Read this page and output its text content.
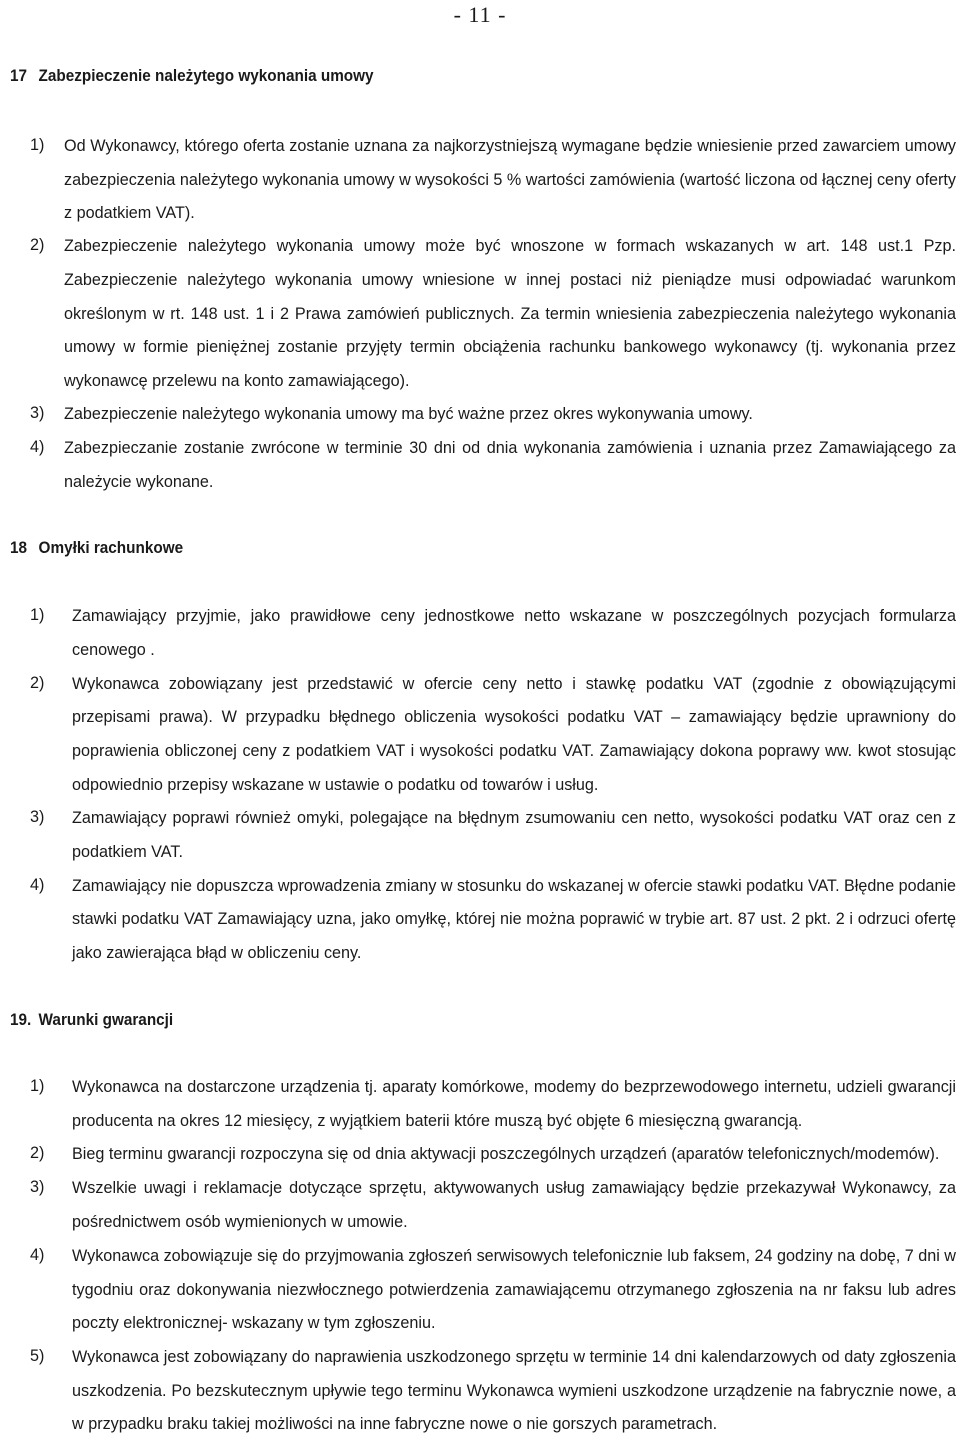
- 11 -
17 Zabezpieczenie należytego wykonania umowy
1) Od Wykonawcy, którego oferta zostanie uznana za najkorzystniejszą wymagane będzie wniesienie przed zawarciem umowy
zabezpieczenia należytego wykonania umowy w wysokości 5 % wartości zamówienia (wartość liczona od łącznej ceny oferty
z podatkiem VAT).
2) Zabezpieczenie należytego wykonania umowy może być wnoszone w formach wskazanych w art. 148 ust.1 Pzp.
Zabezpieczenie należytego wykonania umowy wniesione w innej postaci niż pieniądze musi odpowiadać warunkom
określonym w rt. 148 ust. 1 i 2 Prawa zamówień publicznych. Za termin wniesienia zabezpieczenia należytego wykonania
umowy w formie pieniężnej zostanie przyjęty termin obciążenia rachunku bankowego wykonawcy (tj. wykonania przez
wykonawcę przelewu na konto zamawiającego).
3) Zabezpieczenie należytego wykonania umowy ma być ważne przez okres wykonywania umowy.
4) Zabezpieczanie zostanie zwrócone w terminie 30 dni od dnia wykonania zamówienia i uznania przez Zamawiającego za
należycie wykonane.
18 Omyłki rachunkowe
1) Zamawiający przyjmie, jako prawidłowe ceny jednostkowe netto wskazane w poszczególnych pozycjach formularza
cenowego .
2) Wykonawca zobowiązany jest przedstawić w ofercie ceny netto i stawkę podatku VAT (zgodnie z obowiązującymi
przepisami prawa). W przypadku błędnego obliczenia wysokości podatku VAT – zamawiający będzie uprawniony do
poprawienia obliczonej ceny z podatkiem VAT i wysokości podatku VAT. Zamawiający dokona poprawy ww. kwot stosując
odpowiednio przepisy wskazane w ustawie o podatku od towarów i usług.
3) Zamawiający poprawi również omyki, polegające na błędnym zsumowaniu cen netto, wysokości podatku VAT oraz cen z
podatkiem VAT.
4) Zamawiający nie dopuszcza wprowadzenia zmiany w stosunku do wskazanej w ofercie stawki podatku VAT. Błędne podanie
stawki podatku VAT Zamawiający uzna, jako omyłkę, której nie można poprawić w trybie art. 87 ust. 2 pkt. 2 i odrzuci ofertę
jako zawierająca błąd w obliczeniu ceny.
19. Warunki gwarancji
1) Wykonawca na dostarczone urządzenia tj. aparaty komórkowe, modemy do bezprzewodowego internetu, udzieli gwarancji
producenta na okres 12 miesięcy, z wyjątkiem baterii które muszą być objęte 6 miesięczną gwarancją.
2) Bieg terminu gwarancji rozpoczyna się od dnia aktywacji poszczególnych urządzeń (aparatów telefonicznych/modemów).
3) Wszelkie uwagi i reklamacje dotyczące sprzętu, aktywowanych usług zamawiający będzie przekazywał Wykonawcy, za
pośrednictwem osób wymienionych w umowie.
4) Wykonawca zobowiązuje się do przyjmowania zgłoszeń serwisowych telefonicznie lub faksem, 24 godziny na dobę, 7 dni w
tygodniu oraz dokonywania niezwłocznego potwierdzenia zamawiającemu otrzymanego zgłoszenia na nr faksu lub adres
poczty elektronicznej- wskazany w tym zgłoszeniu.
5) Wykonawca jest zobowiązany do naprawienia uszkodzonego sprzętu w terminie 14 dni kalendarzowych od daty zgłoszenia
uszkodzenia. Po bezskutecznym upływie tego terminu Wykonawca wymieni uszkodzone urządzenie na fabrycznie nowe, a
w przypadku braku takiej możliwości na inne fabryczne nowe o nie gorszych parametrach.
